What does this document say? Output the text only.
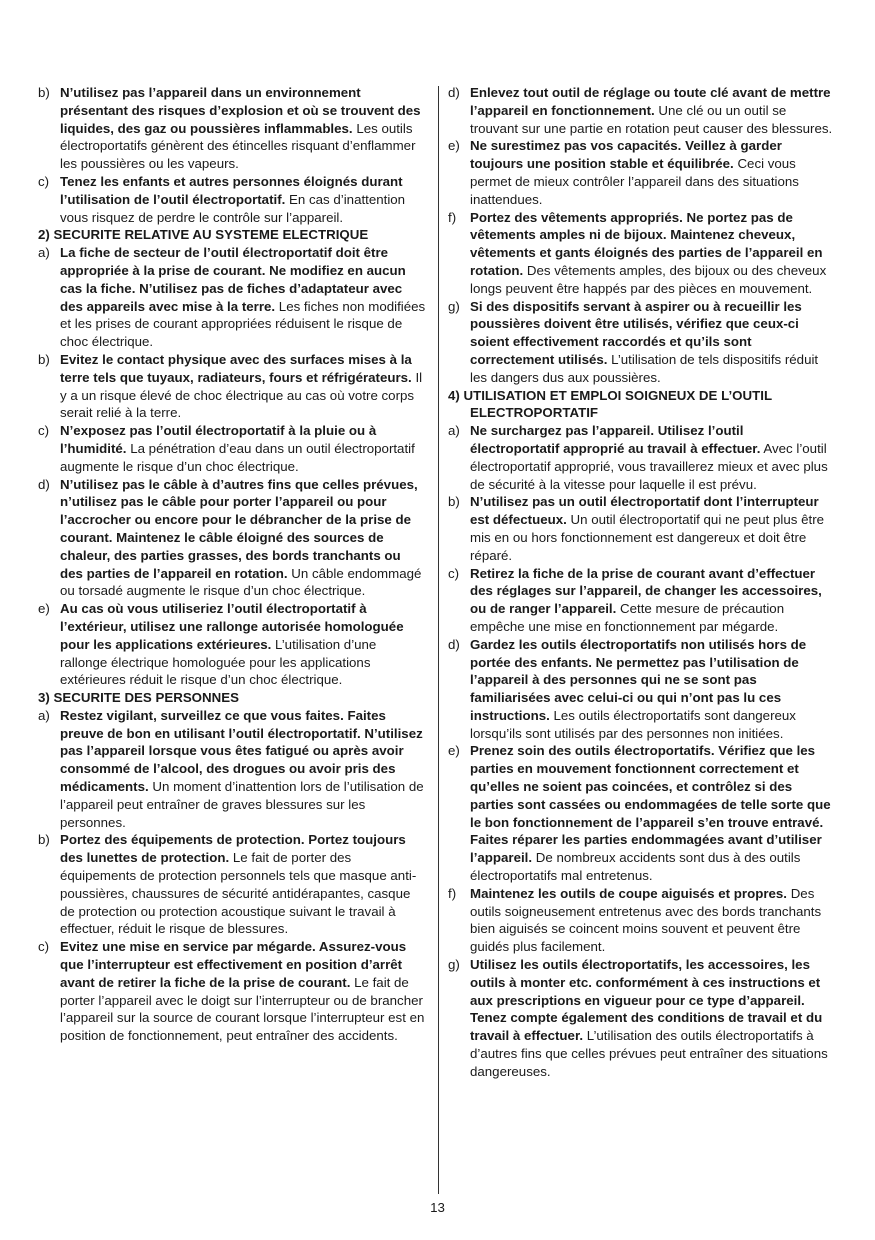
b) N’utilisez pas l’appareil dans un environnement présentant des risques d’explosion et où se trouvent des liquides, des gaz ou poussières inflammables. Les outils électroportatifs génèrent des étincelles risquant d’enflammer les poussières ou les vapeurs.
c) Tenez les enfants et autres personnes éloignés durant l’utilisation de l’outil électroportatif. En cas d’inattention vous risquez de perdre le contrôle sur l’appareil.
2) SECURITE RELATIVE AU SYSTEME ELECTRIQUE
a) La fiche de secteur de l’outil électroportatif doit être appropriée à la prise de courant. Ne modifiez en aucun cas la fiche. N’utilisez pas de fiches d’adaptateur avec des appareils avec mise à la terre. Les fiches non modifiées et les prises de courant appropriées réduisent le risque de choc électrique.
b) Evitez le contact physique avec des surfaces mises à la terre tels que tuyaux, radiateurs, fours et réfrigérateurs. Il y a un risque élevé de choc électrique au cas où votre corps serait relié à la terre.
c) N’exposez pas l’outil électroportatif à la pluie ou à l’humidité. La pénétration d’eau dans un outil électroportatif augmente le risque d’un choc électrique.
d) N’utilisez pas le câble à d’autres fins que celles prévues, n’utilisez pas le câble pour porter l’appareil ou pour l’accrocher ou encore pour le débrancher de la prise de courant. Maintenez le câble éloigné des sources de chaleur, des parties grasses, des bords tranchants ou des parties de l’appareil en rotation. Un câble endommagé ou torsadé augmente le risque d’un choc électrique.
e) Au cas où vous utiliseriez l’outil électroportatif à l’extérieur, utilisez une rallonge autorisée homologuée pour les applications extérieures. L’utilisation d’une rallonge électrique homologuée pour les applications extérieures réduit le risque d’un choc électrique.
3) SECURITE DES PERSONNES
a) Restez vigilant, surveillez ce que vous faites. Faites preuve de bon en utilisant l’outil électroportatif. N’utilisez pas l’appareil lorsque vous êtes fatigué ou après avoir consommé de l’alcool, des drogues ou avoir pris des médicaments. Un moment d’inattention lors de l’utilisation de l’appareil peut entraîner de graves blessures sur les personnes.
b) Portez des équipements de protection. Portez toujours des lunettes de protection. Le fait de porter des équipements de protection personnels tels que masque anti-poussières, chaussures de sécurité antidérapantes, casque de protection ou protection acoustique suivant le travail à effectuer, réduit le risque de blessures.
c) Evitez une mise en service par mégarde. Assurez-vous que l’interrupteur est effectivement en position d’arrêt avant de retirer la fiche de la prise de courant. Le fait de porter l’appareil avec le doigt sur l’interrupteur ou de brancher l’appareil sur la source de courant lorsque l’interrupteur est en position de fonctionnement, peut entraîner des accidents.
d) Enlevez tout outil de réglage ou toute clé avant de mettre l’appareil en fonctionnement. Une clé ou un outil se trouvant sur une partie en rotation peut causer des blessures.
e) Ne surestimez pas vos capacités. Veillez à garder toujours une position stable et équilibrée. Ceci vous permet de mieux contrôler l’appareil dans des situations inattendues.
f) Portez des vêtements appropriés. Ne portez pas de vêtements amples ni de bijoux. Maintenez cheveux, vêtements et gants éloignés des parties de l’appareil en rotation. Des vêtements amples, des bijoux ou des cheveux longs peuvent être happés par des pièces en mouvement.
g) Si des dispositifs servant à aspirer ou à recueillir les poussières doivent être utilisés, vérifiez que ceux-ci soient effectivement raccordés et qu’ils sont correctement utilisés. L’utilisation de tels dispositifs réduit les dangers dus aux poussières.
4) UTILISATION ET EMPLOI SOIGNEUX DE L’OUTIL ELECTROPORTATIF
a) Ne surchargez pas l’appareil. Utilisez l’outil électroportatif approprié au travail à effectuer. Avec l’outil électroportatif approprié, vous travaillerez mieux et avec plus de sécurité à la vitesse pour laquelle il est prévu.
b) N’utilisez pas un outil électroportatif dont l’interrupteur est défectueux. Un outil électroportatif qui ne peut plus être mis en ou hors fonctionnement est dangereux et doit être réparé.
c) Retirez la fiche de la prise de courant avant d’effectuer des réglages sur l’appareil, de changer les accessoires, ou de ranger l’appareil. Cette mesure de précaution empêche une mise en fonctionnement par mégarde.
d) Gardez les outils électroportatifs non utilisés hors de portée des enfants. Ne permettez pas l’utilisation de l’appareil à des personnes qui ne se sont pas familiarisées avec celui-ci ou qui n’ont pas lu ces instructions. Les outils électroportatifs sont dangereux lorsqu’ils sont utilisés par des personnes non initiées.
e) Prenez soin des outils électroportatifs. Vérifiez que les parties en mouvement fonctionnent correctement et qu’elles ne soient pas coincées, et contrôlez si des parties sont cassées ou endommagées de telle sorte que le bon fonctionnement de l’appareil s’en trouve entravé. Faites réparer les parties endommagées avant d’utiliser l’appareil. De nombreux accidents sont dus à des outils électroportatifs mal entretenus.
f) Maintenez les outils de coupe aiguisés et propres. Des outils soigneusement entretenus avec des bords tranchants bien aiguisés se coincent moins souvent et peuvent être guidés plus facilement.
g) Utilisez les outils électroportatifs, les accessoires, les outils à monter etc. conformément à ces instructions et aux prescriptions en vigueur pour ce type d’appareil. Tenez compte également des conditions de travail et du travail à effectuer. L’utilisation des outils électroportatifs à d’autres fins que celles prévues peut entraîner des situations dangereuses.
13
